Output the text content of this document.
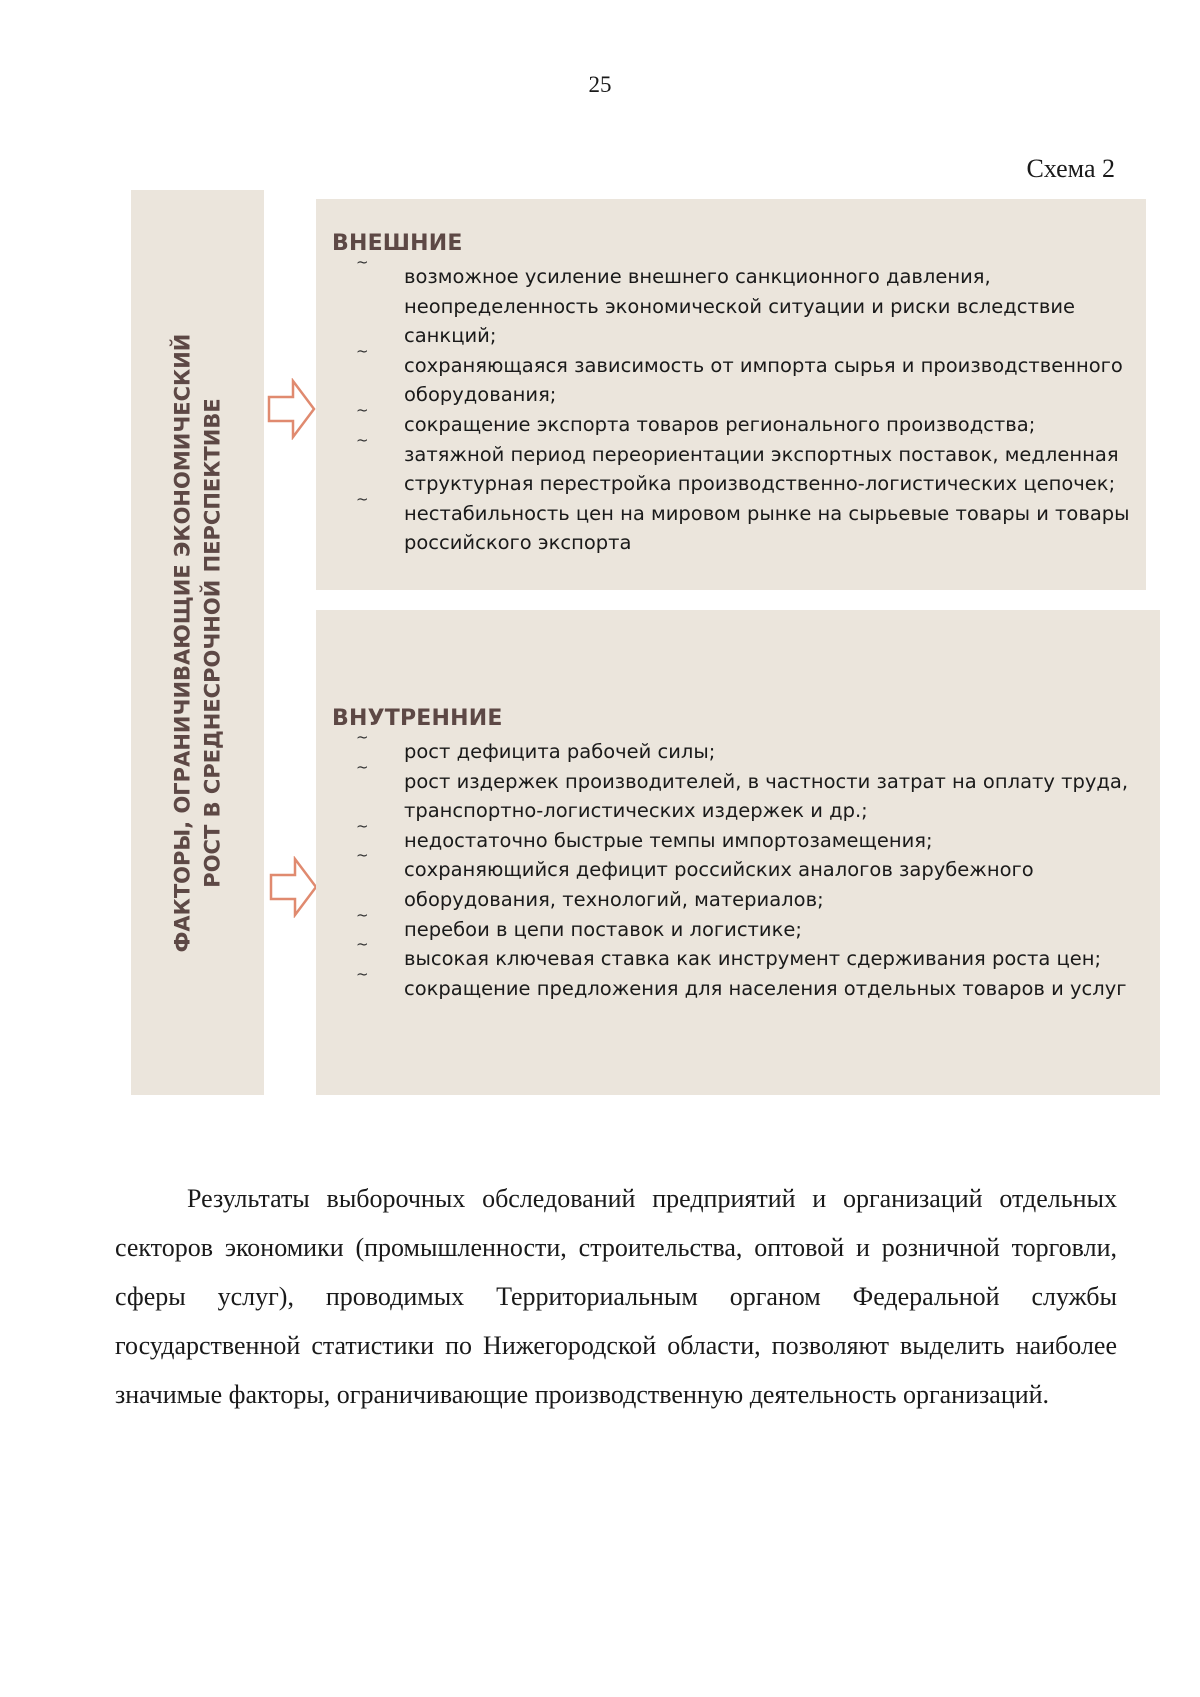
25
Схема 2
ФАКТОРЫ, ОГРАНИЧИВАЮЩИЕ ЭКОНОМИЧЕСКИЙ
РОСТ В СРЕДНЕСРОЧНОЙ ПЕРСПЕКТИВЕ
ВНЕШНИЕ
~
возможное усиление внешнего санкционного давления, неопределенность экономической ситуации и риски вследствие санкций;
~
сохраняющаяся зависимость от импорта сырья и производственного оборудования;
~
сокращение экспорта товаров регионального производства;
~
затяжной период переориентации экспортных поставок, медленная структурная перестройка производственно-логистических цепочек;
~
нестабильность цен на мировом рынке на сырьевые товары и товары российского экспорта
ВНУТРЕННИЕ
~
рост дефицита рабочей силы;
~
рост издержек производителей, в частности затрат на оплату труда, транспортно-логистических издержек и др.;
~
недостаточно быстрые темпы импортозамещения;
~
сохраняющийся дефицит российских аналогов зарубежного оборудования, технологий, материалов;
~
перебои в цепи поставок и логистике;
~
высокая ключевая ставка как инструмент сдерживания роста цен;
~
сокращение предложения для населения отдельных товаров и услуг

Результаты выборочных обследований предприятий и организаций отдельных секторов экономики (промышленности, строительства, оптовой и розничной торговли, сферы услуг), проводимых Территориальным органом Федеральной службы государственной статистики по Нижегородской области, позволяют выделить наиболее значимые факторы, ограничивающие производственную деятельность организаций.
